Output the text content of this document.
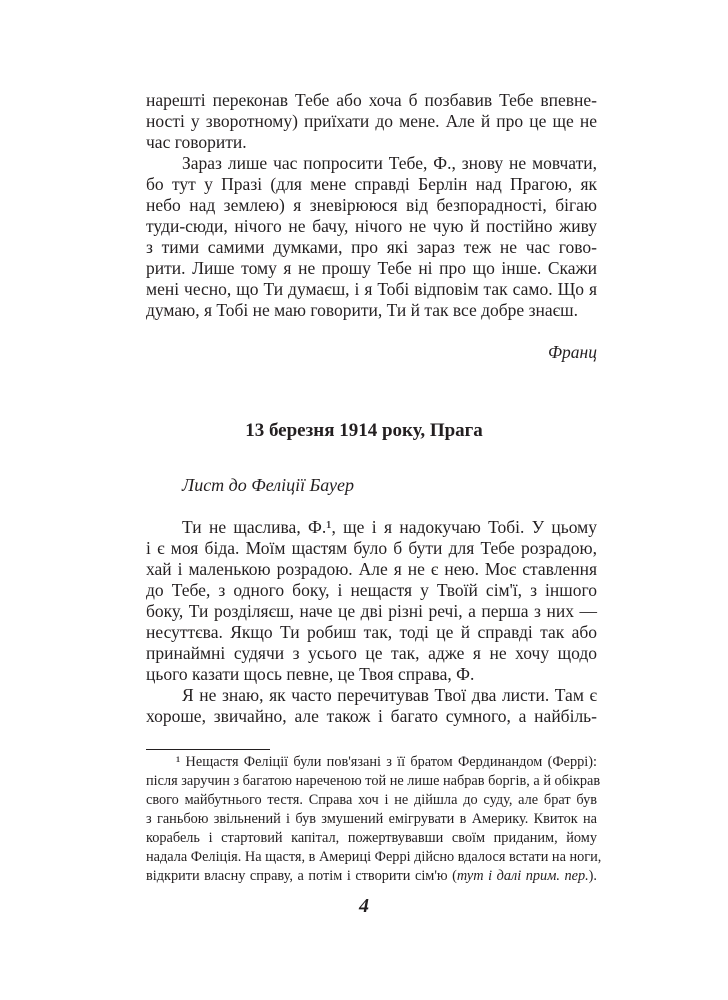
нарешті переконав Тебе або хоча б позбавив Тебе впевне-
ності у зворотному) приїхати до мене. Але й про це ще не
час говорити.
Зараз лише час попросити Тебе, Ф., знову не мовчати,
бо тут у Празі (для мене справді Берлін над Прагою, як
небо над землею) я зневірююся від безпорадності, бігаю
туди-сюди, нічого не бачу, нічого не чую й постійно живу
з тими самими думками, про які зараз теж не час гово-
рити. Лише тому я не прошу Тебе ні про що інше. Скажи
мені чесно, що Ти думаєш, і я Тобі відповім так само. Що я
думаю, я Тобі не маю говорити, Ти й так все добре знаєш.
Франц
13 березня 1914 року, Прага
Лист до Феліції Бауер
Ти не щаслива, Ф.¹, ще і я надокучаю Тобі. У цьому
і є моя біда. Моїм щастям було б бути для Тебе розрадою,
хай і маленькою розрадою. Але я не є нею. Моє ставлення
до Тебе, з одного боку, і нещастя у Твоїй сім'ї, з іншого
боку, Ти розділяєш, наче це дві різні речі, а перша з них —
несуттєва. Якщо Ти робиш так, тоді це й справді так або
принаймні судячи з усього це так, адже я не хочу щодо
цього казати щось певне, це Твоя справа, Ф.
Я не знаю, як часто перечитував Твої два листи. Там є
хороше, звичайно, але також і багато сумного, а найбіль-
¹ Нещастя Феліції були пов'язані з її братом Фердинандом (Феррі):
після заручин з багатою нареченою той не лише набрав боргів, а й обікрав
свого майбутнього тестя. Справа хоч і не дійшла до суду, але брат був
з ганьбою звільнений і був змушений емігрувати в Америку. Квиток на
корабель і стартовий капітал, пожертвувавши своїм приданим, йому
надала Феліція. На щастя, в Америці Феррі дійсно вдалося встати на ноги,
відкрити власну справу, а потім і створити сім'ю (тут і далі прим. пер.).
4
